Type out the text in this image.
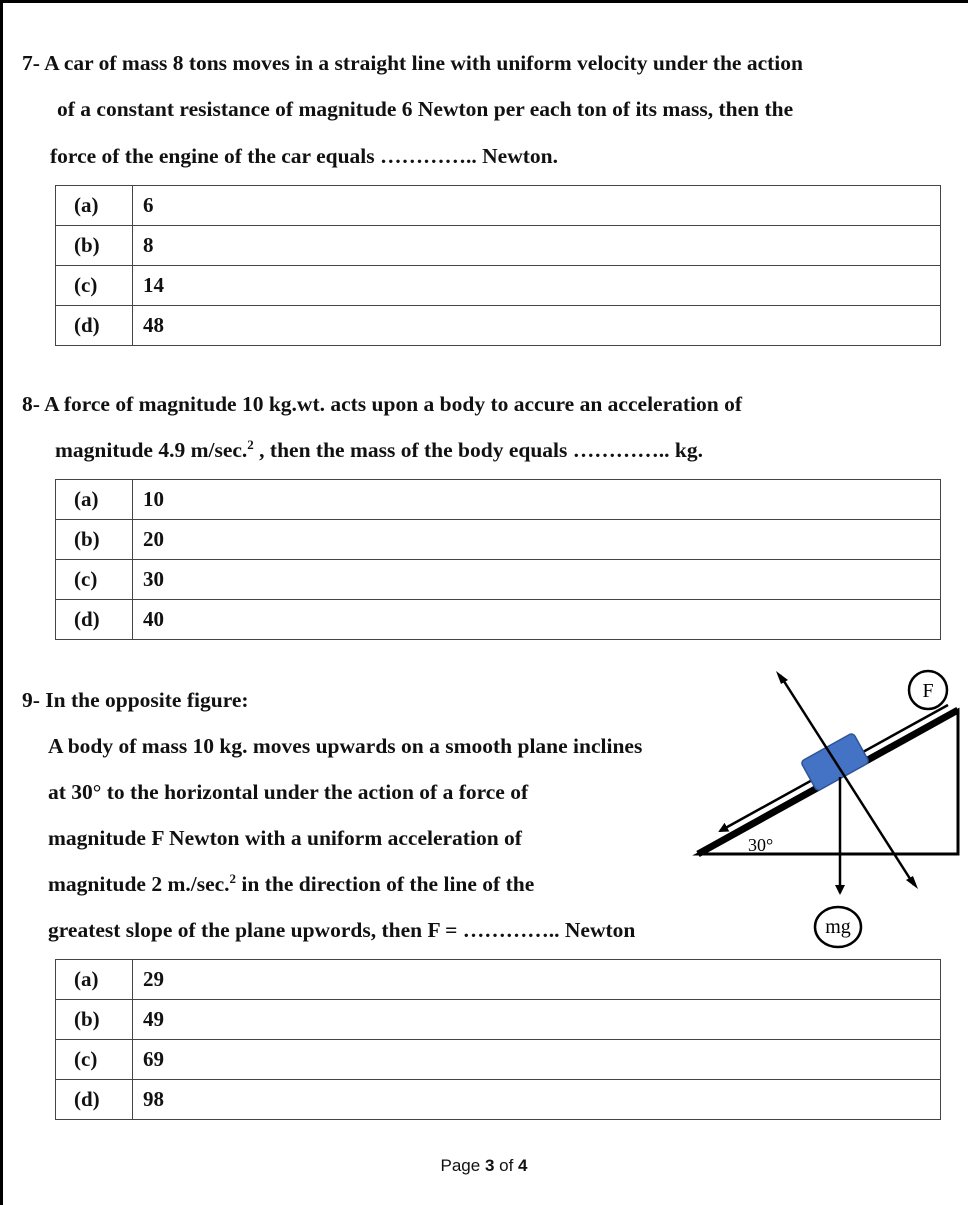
7- A car of mass 8 tons moves in a straight line with uniform velocity under the action
of a constant resistance of magnitude 6 Newton per each ton of its mass, then the
force of the engine of the car equals ………….. Newton.
(a)	6
(b)	8
(c)	14
(d)	48
8- A force of magnitude 10 kg.wt. acts upon a body to accure an acceleration of
magnitude 4.9 m/sec.$^2$ , then the mass of the body equals ………….. kg.
(a)	10
(b)	20
(c)	30
(d)	40
9- In the opposite figure:
A body of mass 10 kg. moves upwards on a smooth plane inclines
at 30° to the horizontal under the action of a force of
magnitude F Newton with a uniform acceleration of
magnitude 2 m./sec.$^2$ in the direction of the line of the
greatest slope of the plane upwords, then F = ………….. Newton
30°
F
mg
(a)	29
(b)	49
(c)	69
(d)	98
Page 3 of 4
